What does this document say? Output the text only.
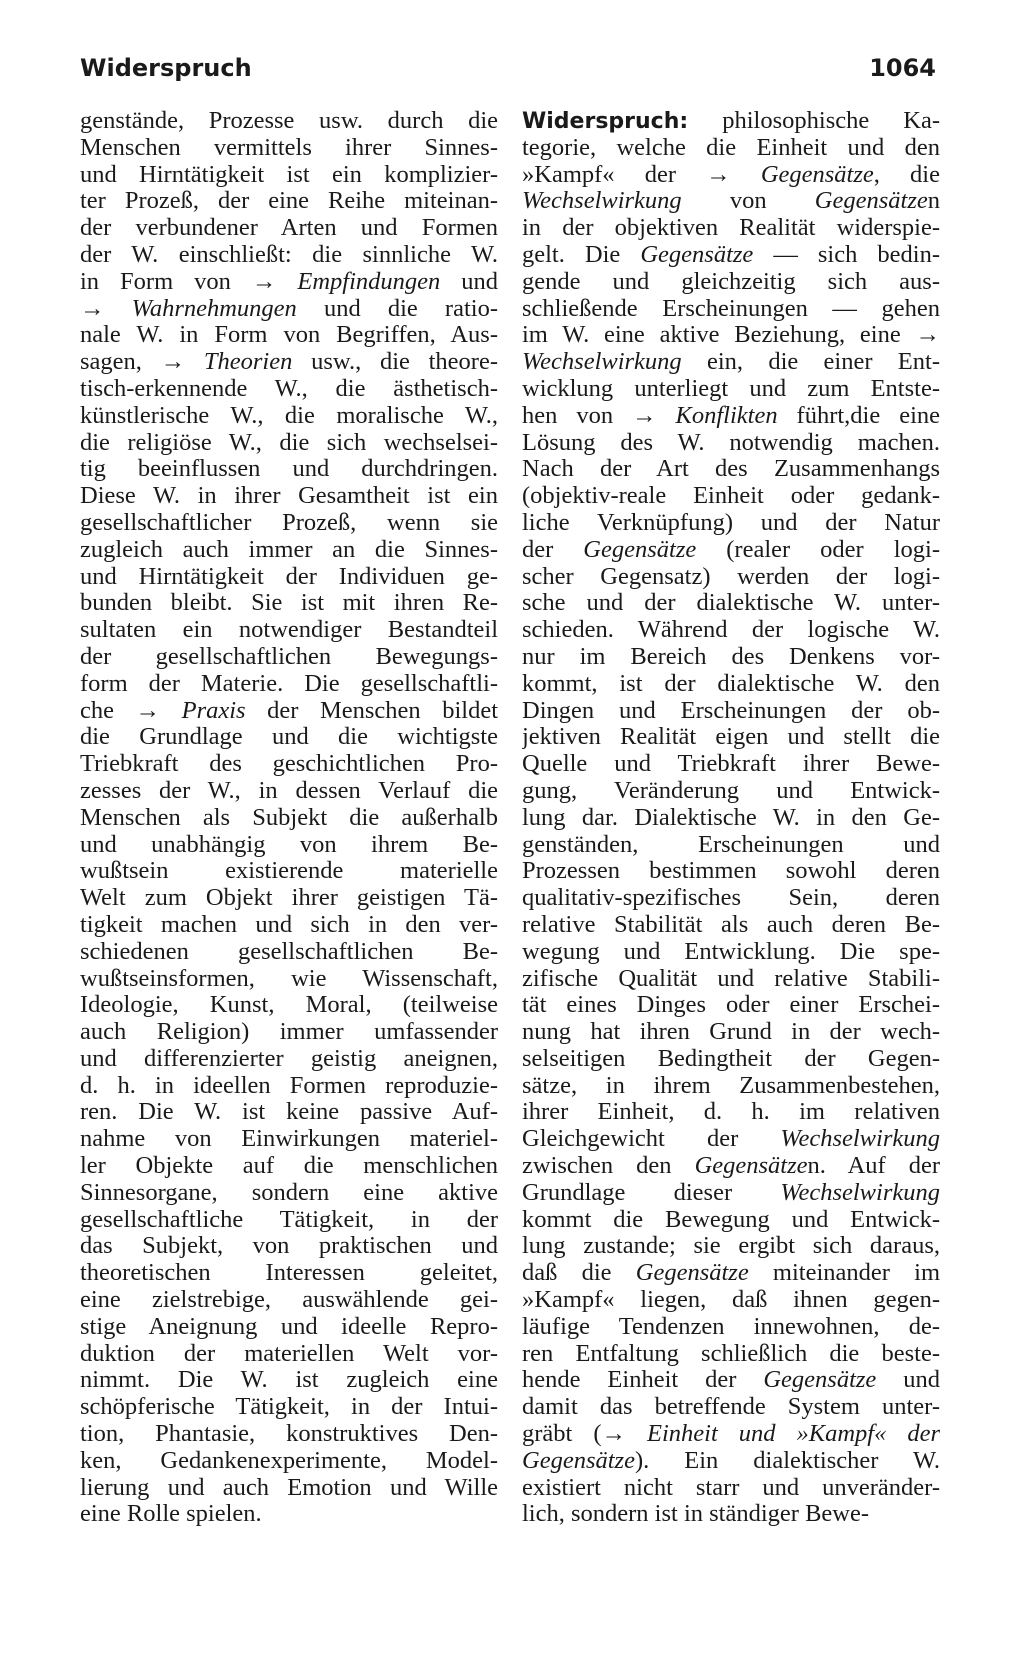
Widerspruch	1064
genstände, Prozesse usw. durch die
Menschen vermittels ihrer Sinnes-
und Hirntätigkeit ist ein komplizier-
ter Prozeß, der eine Reihe miteinan-
der verbundener Arten und Formen
der W. einschließt: die sinnliche W.
in Form von → Empfindungen und
→ Wahrnehmungen und die ratio-
nale W. in Form von Begriffen, Aus-
sagen, → Theorien usw., die theore-
tisch-erkennende W., die ästhetisch-
künstlerische W., die moralische W.,
die religiöse W., die sich wechselsei-
tig beeinflussen und durchdringen.
Diese W. in ihrer Gesamtheit ist ein
gesellschaftlicher Prozeß, wenn sie
zugleich auch immer an die Sinnes-
und Hirntätigkeit der Individuen ge-
bunden bleibt. Sie ist mit ihren Re-
sultaten ein notwendiger Bestandteil
der gesellschaftlichen Bewegungs-
form der Materie. Die gesellschaftli-
che → Praxis der Menschen bildet
die Grundlage und die wichtigste
Triebkraft des geschichtlichen Pro-
zesses der W., in dessen Verlauf die
Menschen als Subjekt die außerhalb
und unabhängig von ihrem Be-
wußtsein existierende materielle
Welt zum Objekt ihrer geistigen Tä-
tigkeit machen und sich in den ver-
schiedenen gesellschaftlichen Be-
wußtseinsformen, wie Wissenschaft,
Ideologie, Kunst, Moral, (teilweise
auch Religion) immer umfassender
und differenzierter geistig aneignen,
d. h. in ideellen Formen reproduzie-
ren. Die W. ist keine passive Auf-
nahme von Einwirkungen materiel-
ler Objekte auf die menschlichen
Sinnesorgane, sondern eine aktive
gesellschaftliche Tätigkeit, in der
das Subjekt, von praktischen und
theoretischen Interessen geleitet,
eine zielstrebige, auswählende gei-
stige Aneignung und ideelle Repro-
duktion der materiellen Welt vor-
nimmt. Die W. ist zugleich eine
schöpferische Tätigkeit, in der Intui-
tion, Phantasie, konstruktives Den-
ken, Gedankenexperimente, Model-
lierung und auch Emotion und Wille
eine Rolle spielen.
Widerspruch: philosophische Ka-
tegorie, welche die Einheit und den
»Kampf« der → Gegensätze, die
Wechselwirkung von Gegensätzen
in der objektiven Realität widerspie-
gelt. Die Gegensätze — sich bedin-
gende und gleichzeitig sich aus-
schließende Erscheinungen — gehen
im W. eine aktive Beziehung, eine →
Wechselwirkung ein, die einer Ent-
wicklung unterliegt und zum Entste-
hen von → Konflikten führt,die eine
Lösung des W. notwendig machen.
Nach der Art des Zusammenhangs
(objektiv-reale Einheit oder gedank-
liche Verknüpfung) und der Natur
der Gegensätze (realer oder logi-
scher Gegensatz) werden der logi-
sche und der dialektische W. unter-
schieden. Während der logische W.
nur im Bereich des Denkens vor-
kommt, ist der dialektische W. den
Dingen und Erscheinungen der ob-
jektiven Realität eigen und stellt die
Quelle und Triebkraft ihrer Bewe-
gung, Veränderung und Entwick-
lung dar. Dialektische W. in den Ge-
genständen, Erscheinungen und
Prozessen bestimmen sowohl deren
qualitativ-spezifisches Sein, deren
relative Stabilität als auch deren Be-
wegung und Entwicklung. Die spe-
zifische Qualität und relative Stabili-
tät eines Dinges oder einer Erschei-
nung hat ihren Grund in der wech-
selseitigen Bedingtheit der Gegen-
sätze, in ihrem Zusammenbestehen,
ihrer Einheit, d. h. im relativen
Gleichgewicht der Wechselwirkung
zwischen den Gegensätzen. Auf der
Grundlage dieser Wechselwirkung
kommt die Bewegung und Entwick-
lung zustande; sie ergibt sich daraus,
daß die Gegensätze miteinander im
»Kampf« liegen, daß ihnen gegen-
läufige Tendenzen innewohnen, de-
ren Entfaltung schließlich die beste-
hende Einheit der Gegensätze und
damit das betreffende System unter-
gräbt (→ Einheit und »Kampf« der
Gegensätze). Ein dialektischer W.
existiert nicht starr und unveränder-
lich, sondern ist in ständiger Bewe-
